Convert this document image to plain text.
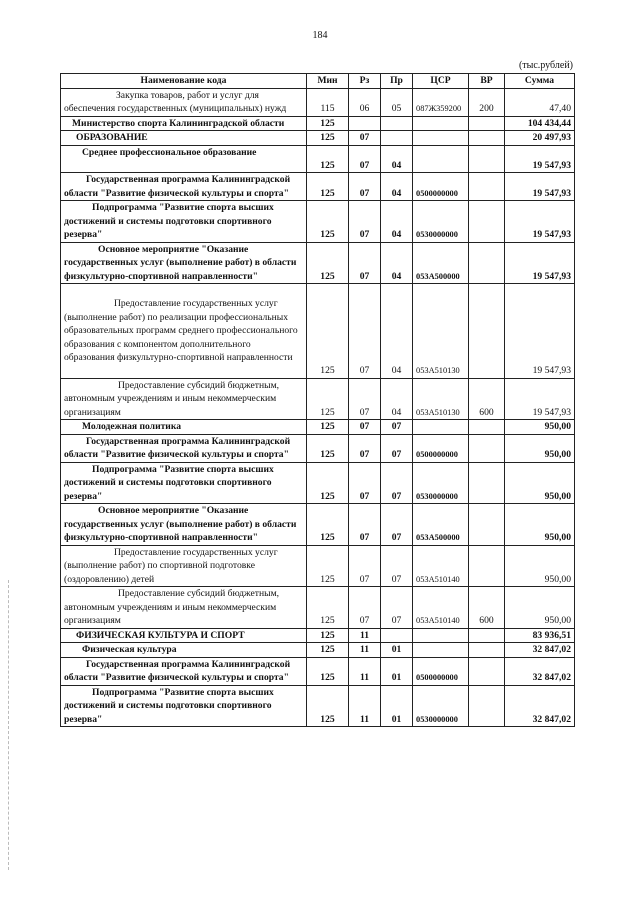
184
(тыс.рублей)
Наименование кода	Мин	Рз	Пр	ЦСР	ВР	Сумма
Закупка товаров, работ и услуг для обеспечения государственных (муниципальных) нужд	115	06	05	087Ж359200	200	47,40
Министерство спорта Калининградской области	125					104 434,44
ОБРАЗОВАНИЕ	125	07				20 497,93
Среднее профессиональное образование	125	07	04			19 547,93
Государственная программа Калининградской области "Развитие физической культуры и спорта"	125	07	04	0500000000		19 547,93
Подпрограмма "Развитие спорта высших достижений и системы подготовки спортивного резерва"	125	07	04	0530000000		19 547,93
Основное мероприятие "Оказание государственных услуг (выполнение работ) в области физкультурно-спортивной направленности"	125	07	04	053А500000		19 547,93
Предоставление государственных услуг (выполнение работ) по реализации профессиональных образовательных программ среднего профессионального образования с компонентом дополнительного образования физкультурно-спортивной направленности	125	07	04	053А510130		19 547,93
Предоставление субсидий бюджетным, автономным учреждениям и иным некоммерческим организациям	125	07	04	053А510130	600	19 547,93
Молодежная политика	125	07	07			950,00
Государственная программа Калининградской области "Развитие физической культуры и спорта"	125	07	07	0500000000		950,00
Подпрограмма "Развитие спорта высших достижений и системы подготовки спортивного резерва"	125	07	07	0530000000		950,00
Основное мероприятие "Оказание государственных услуг (выполнение работ) в области физкультурно-спортивной направленности"	125	07	07	053А500000		950,00
Предоставление государственных услуг (выполнение работ) по спортивной подготовке (оздоровлению) детей	125	07	07	053А510140		950,00
Предоставление субсидий бюджетным, автономным учреждениям и иным некоммерческим организациям	125	07	07	053А510140	600	950,00
ФИЗИЧЕСКАЯ КУЛЬТУРА И СПОРТ	125	11				83 936,51
Физическая культура	125	11	01			32 847,02
Государственная программа Калининградской области "Развитие физической культуры и спорта"	125	11	01	0500000000		32 847,02
Подпрограмма "Развитие спорта высших достижений и системы подготовки спортивного резерва"	125	11	01	0530000000		32 847,02
